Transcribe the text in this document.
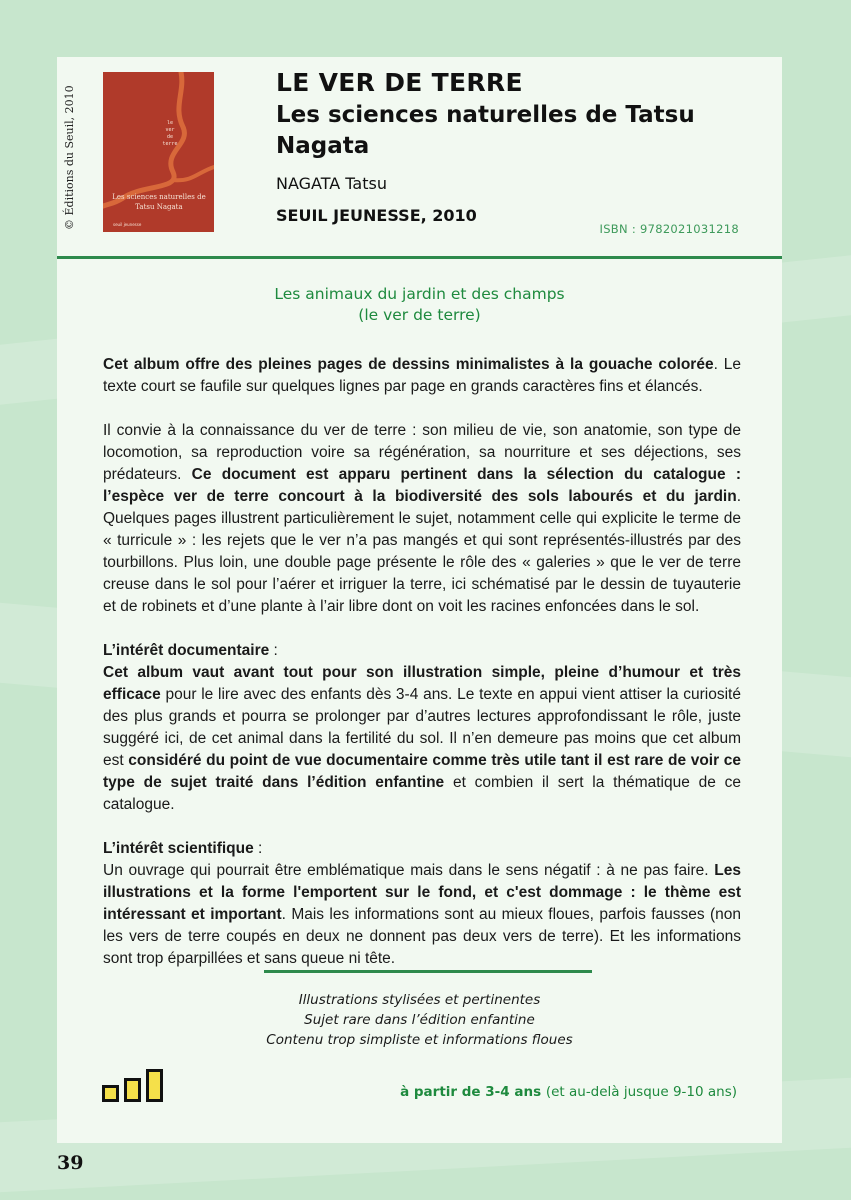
© Éditions du Seuil, 2010	le
ver
de
terre
Les sciences naturelles de Tatsu Nagata
seuil jeunesse
LE VER DE TERRE
Les sciences naturelles de Tatsu Nagata
NAGATA Tatsu
SEUIL JEUNESSE, 2010
ISBN : 9782021031218
Les animaux du jardin et des champs
(le ver de terre)

Cet album offre des pleines pages de dessins minimalistes à la gouache colorée. Le texte court se faufile sur quelques lignes par page en grands caractères fins et élancés.

Il convie à la connaissance du ver de terre : son milieu de vie, son anatomie, son type de locomotion, sa reproduction voire sa régénération, sa nourriture et ses déjections, ses prédateurs. Ce document est apparu pertinent dans la sélection du catalogue : l’espèce ver de terre concourt à la biodiversité des sols labourés et du jardin. Quelques pages illustrent particulièrement le sujet, notamment celle qui explicite le terme de « turricule » : les rejets que le ver n’a pas mangés et qui sont représentés-illustrés par des tourbillons. Plus loin, une double page présente le rôle des « galeries » que le ver de terre creuse dans le sol pour l’aérer et irriguer la terre, ici schématisé par le dessin de tuyauterie et de robinets et d’une plante à l’air libre dont on voit les racines enfoncées dans le sol.

L’intérêt documentaire :
Cet album vaut avant tout pour son illustration simple, pleine d’humour et très efficace pour le lire avec des enfants dès 3-4 ans. Le texte en appui vient attiser la curiosité des plus grands et pourra se prolonger par d’autres lectures approfondissant le rôle, juste suggéré ici, de cet animal dans la fertilité du sol. Il n’en demeure pas moins que cet album est considéré du point de vue documentaire comme très utile tant il est rare de voir ce type de sujet traité dans l’édition enfantine et combien il sert la thématique de ce catalogue.

L’intérêt scientifique :
Un ouvrage qui pourrait être emblématique mais dans le sens négatif : à ne pas faire. Les illustrations et la forme l'emportent sur le fond, et c'est dommage : le thème est intéressant et important. Mais les informations sont au mieux floues, parfois fausses (non les vers de terre coupés en deux ne donnent pas deux vers de terre). Et les informations sont trop éparpillées et sans queue ni tête.

Illustrations stylisées et pertinentes
Sujet rare dans l’édition enfantine
Contenu trop simpliste et informations floues
à partir de 3-4 ans (et au-delà jusque 9-10 ans)
39
